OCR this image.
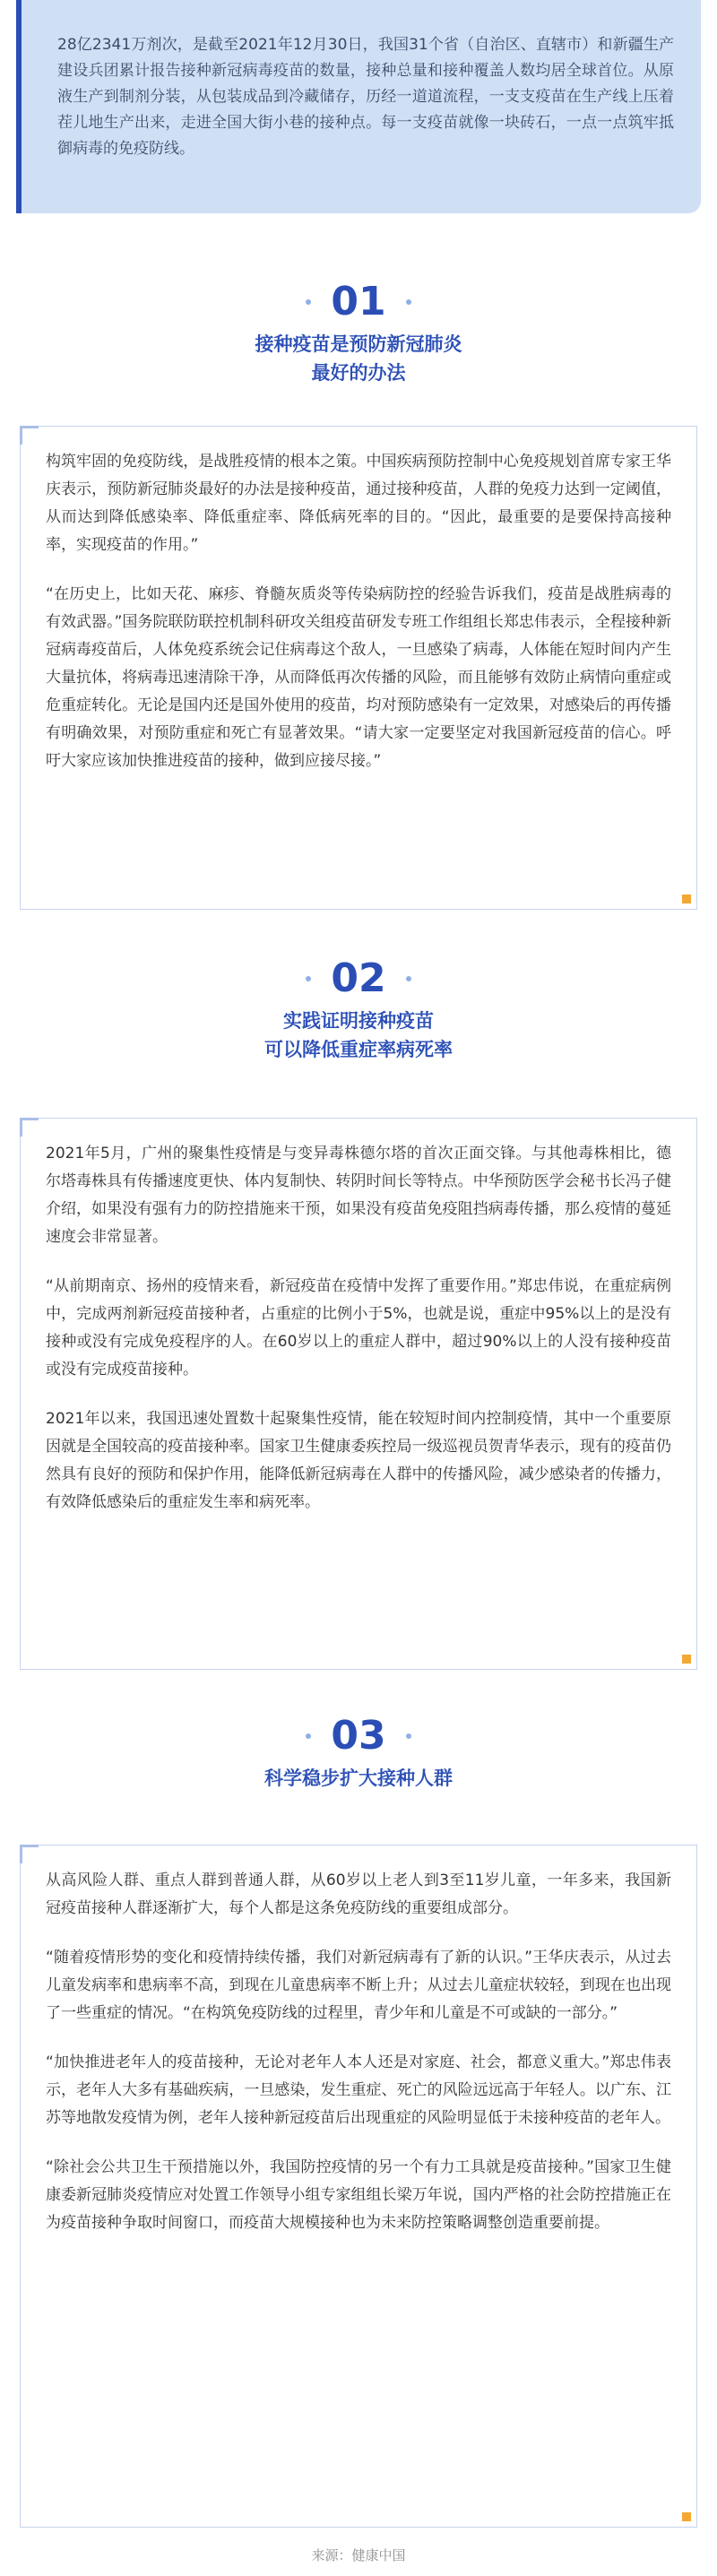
28亿2341万剂次，是截至2021年12月30日，我国31个省（自治区、直辖市）和新疆生产建设兵团累计报告接种新冠病毒疫苗的数量，接种总量和接种覆盖人数均居全球首位。从原液生产到制剂分装，从包装成品到冷藏储存，历经一道道流程，一支支疫苗在生产线上压着茬儿地生产出来，走进全国大街小巷的接种点。每一支疫苗就像一块砖石，一点一点筑牢抵御病毒的免疫防线。
01
接种疫苗是预防新冠肺炎
最好的办法

构筑牢固的免疫防线，是战胜疫情的根本之策。中国疾病预防控制中心免疫规划首席专家王华庆表示，预防新冠肺炎最好的办法是接种疫苗，通过接种疫苗，人群的免疫力达到一定阈值，从而达到降低感染率、降低重症率、降低病死率的目的。“因此，最重要的是要保持高接种率，实现疫苗的作用。”

“在历史上，比如天花、麻疹、脊髓灰质炎等传染病防控的经验告诉我们，疫苗是战胜病毒的有效武器。”国务院联防联控机制科研攻关组疫苗研发专班工作组组长郑忠伟表示，全程接种新冠病毒疫苗后，人体免疫系统会记住病毒这个敌人，一旦感染了病毒，人体能在短时间内产生大量抗体，将病毒迅速清除干净，从而降低再次传播的风险，而且能够有效防止病情向重症或危重症转化。无论是国内还是国外使用的疫苗，均对预防感染有一定效果，对感染后的再传播有明确效果，对预防重症和死亡有显著效果。“请大家一定要坚定对我国新冠疫苗的信心。呼吁大家应该加快推进疫苗的接种，做到应接尽接。”

02
实践证明接种疫苗
可以降低重症率病死率

2021年5月，广州的聚集性疫情是与变异毒株德尔塔的首次正面交锋。与其他毒株相比，德尔塔毒株具有传播速度更快、体内复制快、转阴时间长等特点。中华预防医学会秘书长冯子健介绍，如果没有强有力的防控措施来干预，如果没有疫苗免疫阻挡病毒传播，那么疫情的蔓延速度会非常显著。

“从前期南京、扬州的疫情来看，新冠疫苗在疫情中发挥了重要作用。”郑忠伟说，在重症病例中，完成两剂新冠疫苗接种者，占重症的比例小于5%，也就是说，重症中95%以上的是没有接种或没有完成免疫程序的人。在60岁以上的重症人群中，超过90%以上的人没有接种疫苗或没有完成疫苗接种。

2021年以来，我国迅速处置数十起聚集性疫情，能在较短时间内控制疫情，其中一个重要原因就是全国较高的疫苗接种率。国家卫生健康委疾控局一级巡视员贺青华表示，现有的疫苗仍然具有良好的预防和保护作用，能降低新冠病毒在人群中的传播风险，减少感染者的传播力，有效降低感染后的重症发生率和病死率。

03
科学稳步扩大接种人群

从高风险人群、重点人群到普通人群，从60岁以上老人到3至11岁儿童，一年多来，我国新冠疫苗接种人群逐渐扩大，每个人都是这条免疫防线的重要组成部分。

“随着疫情形势的变化和疫情持续传播，我们对新冠病毒有了新的认识。”王华庆表示，从过去儿童发病率和患病率不高，到现在儿童患病率不断上升；从过去儿童症状较轻，到现在也出现了一些重症的情况。“在构筑免疫防线的过程里，青少年和儿童是不可或缺的一部分。”

“加快推进老年人的疫苗接种，无论对老年人本人还是对家庭、社会，都意义重大。”郑忠伟表示，老年人大多有基础疾病，一旦感染，发生重症、死亡的风险远远高于年轻人。以广东、江苏等地散发疫情为例，老年人接种新冠疫苗后出现重症的风险明显低于未接种疫苗的老年人。

“除社会公共卫生干预措施以外，我国防控疫情的另一个有力工具就是疫苗接种。”国家卫生健康委新冠肺炎疫情应对处置工作领导小组专家组组长梁万年说，国内严格的社会防控措施正在为疫苗接种争取时间窗口，而疫苗大规模接种也为未来防控策略调整创造重要前提。

来源：健康中国
